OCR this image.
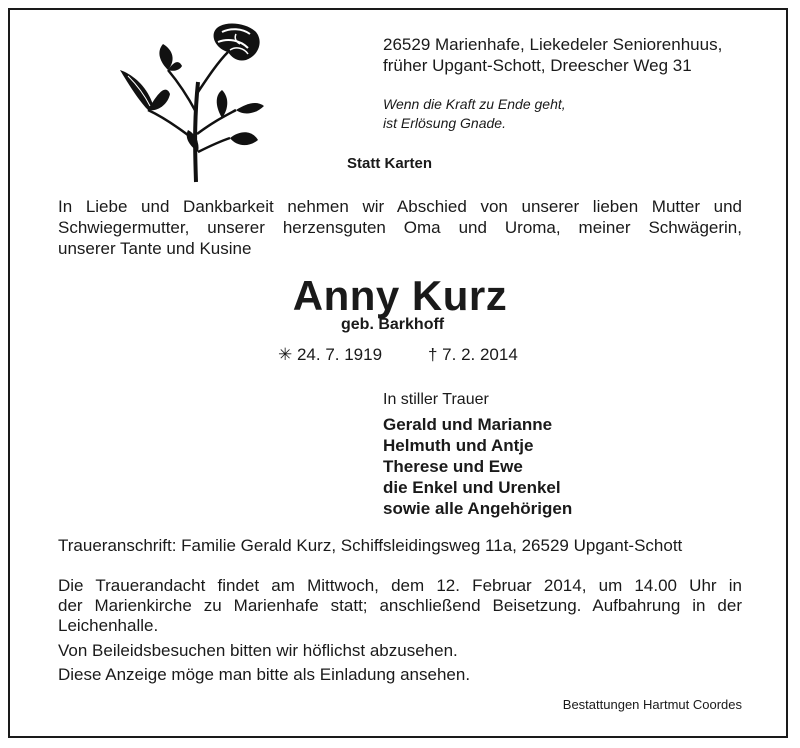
26529 Marienhafe, Liekedeler Seniorenhuus,
früher Upgant-Schott, Dreescher Weg 31
Wenn die Kraft zu Ende geht,
ist Erlösung Gnade.
Statt Karten
In Liebe und Dankbarkeit nehmen wir Abschied von unserer lieben Mutter und
Schwiegermutter, unserer herzensguten Oma und Uroma, meiner Schwägerin,
unserer Tante und Kusine
Anny Kurz
geb. Barkhoff
✳ 24. 7. 1919	† 7. 2. 2014
In stiller Trauer
Gerald und Marianne
Helmuth und Antje
Therese und Ewe
die Enkel und Urenkel
sowie alle Angehörigen
Traueranschrift: Familie Gerald Kurz, Schiffsleidingsweg 11a, 26529 Upgant-Schott
Die Trauerandacht findet am Mittwoch, dem 12. Februar 2014, um 14.00 Uhr in
der Marienkirche zu Marienhafe statt; anschließend Beisetzung. Aufbahrung in der
Leichenhalle.
Von Beileidsbesuchen bitten wir höflichst abzusehen.
Diese Anzeige möge man bitte als Einladung ansehen.
Bestattungen Hartmut Coordes
